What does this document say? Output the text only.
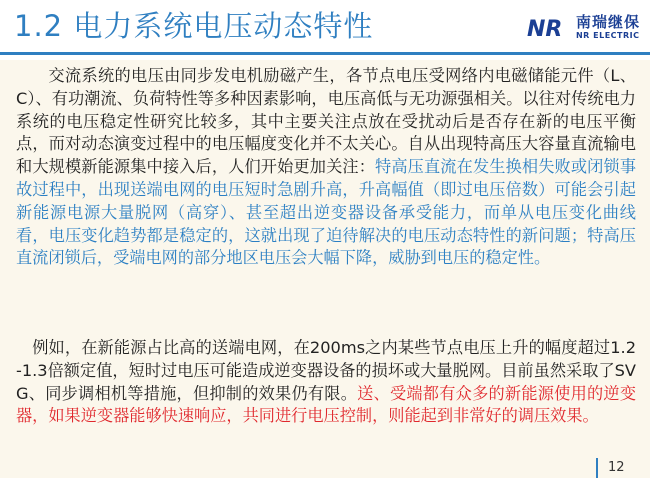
1.2 电力系统电压动态特性	NR 南瑞继保
NR ELECTRIC

交流系统的电压由同步发电机励磁产生，各节点电压受网络内电磁储能元件（L、C）、有功潮流、负荷特性等多种因素影响，电压高低与无功源强相关。以往对传统电力系统的电压稳定性研究比较多，其中主要关注点放在受扰动后是否存在新的电压平衡点，而对动态演变过程中的电压幅度变化并不太关心。自从出现特高压大容量直流输电和大规模新能源集中接入后，人们开始更加关注：特高压直流在发生换相失败或闭锁事故过程中，出现送端电网的电压短时急剧升高，升高幅值（即过电压倍数）可能会引起新能源电源大量脱网（高穿）、甚至超出逆变器设备承受能力，而单从电压变化曲线看，电压变化趋势都是稳定的，这就出现了迫待解决的电压动态特性的新问题；特高压直流闭锁后，受端电网的部分地区电压会大幅下降，威胁到电压的稳定性。

例如，在新能源占比高的送端电网，在200ms之内某些节点电压上升的幅度超过1.2-1.3倍额定值，短时过电压可能造成逆变器设备的损坏或大量脱网。目前虽然采取了SVG、同步调相机等措施，但抑制的效果仍有限。送、受端都有众多的新能源使用的逆变器，如果逆变器能够快速响应，共同进行电压控制，则能起到非常好的调压效果。

12
